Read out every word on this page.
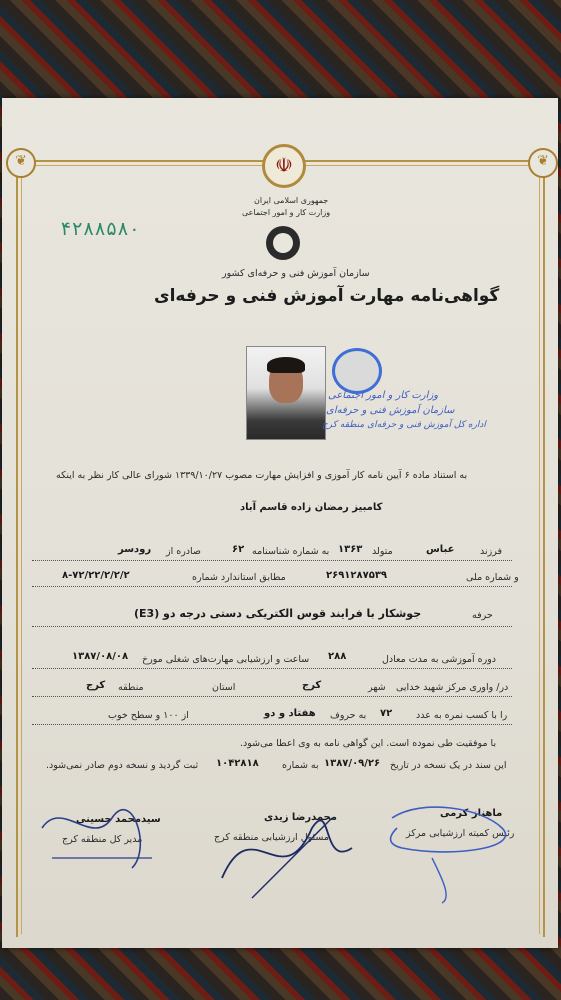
❦	❦
☫
جمهوری اسلامی ایران
وزارت کار و امور اجتماعی
۴۲۸۸۵۸۰
سازمان آموزش فنی و حرفه‌ای کشور
گواهی‌نامه مهارت آموزش فنی و حرفه‌ای
وزارت کار و امور اجتماعی
سازمان آموزش فنی و حرفه‌ای
اداره کل آموزش فنی و حرفه‌ای منطقه کرج
به استناد ماده ۶ آیین نامه کار آموزی و افزایش مهارت مصوب ۱۳۳۹/۱۰/۲۷ شورای عالی کار نظر به اینکه
کامبیز رمضان زاده قاسم آباد
فرزند
عباس
متولد
۱۳۶۳
به شماره شناسنامه
۶۲
صادره از
رودسر
و شماره ملی
۲۶۹۱۲۸۷۵۳۹
مطابق استاندارد شماره
۸-۷۲/۲۲/۲/۲/۲
حرفه
جوشکار با فرایند قوس الکتریکی دستی درجه دو (E3)
دوره آموزشی به مدت معادل
۲۸۸
ساعت و ارزشیابی مهارت‌های شغلی مورخ
۱۳۸۷/۰۸/۰۸
در/ واوری مرکز شهید خدایی
شهر
کرج
استان
منطقه
کرج
را با کسب نمره به عدد
۷۲
به حروف
هفتاد و دو
از ۱۰۰ و سطح خوب
با موفقیت طی نموده است. این گواهی نامه به وی اعطا می‌شود.
این سند در یک نسخه در تاریخ
۱۳۸۷/۰۹/۲۶
به شماره
۱۰۴۲۸۱۸
ثبت گردید و نسخه دوم صادر نمی‌شود.
ماهناز کرمی
رئیس کمیته ارزشیابی مرکز
محمدرضا زیدی
مسئول ارزشیابی منطقه کرج
سیدمحمد حسینی
مدیر کل منطقه کرج
